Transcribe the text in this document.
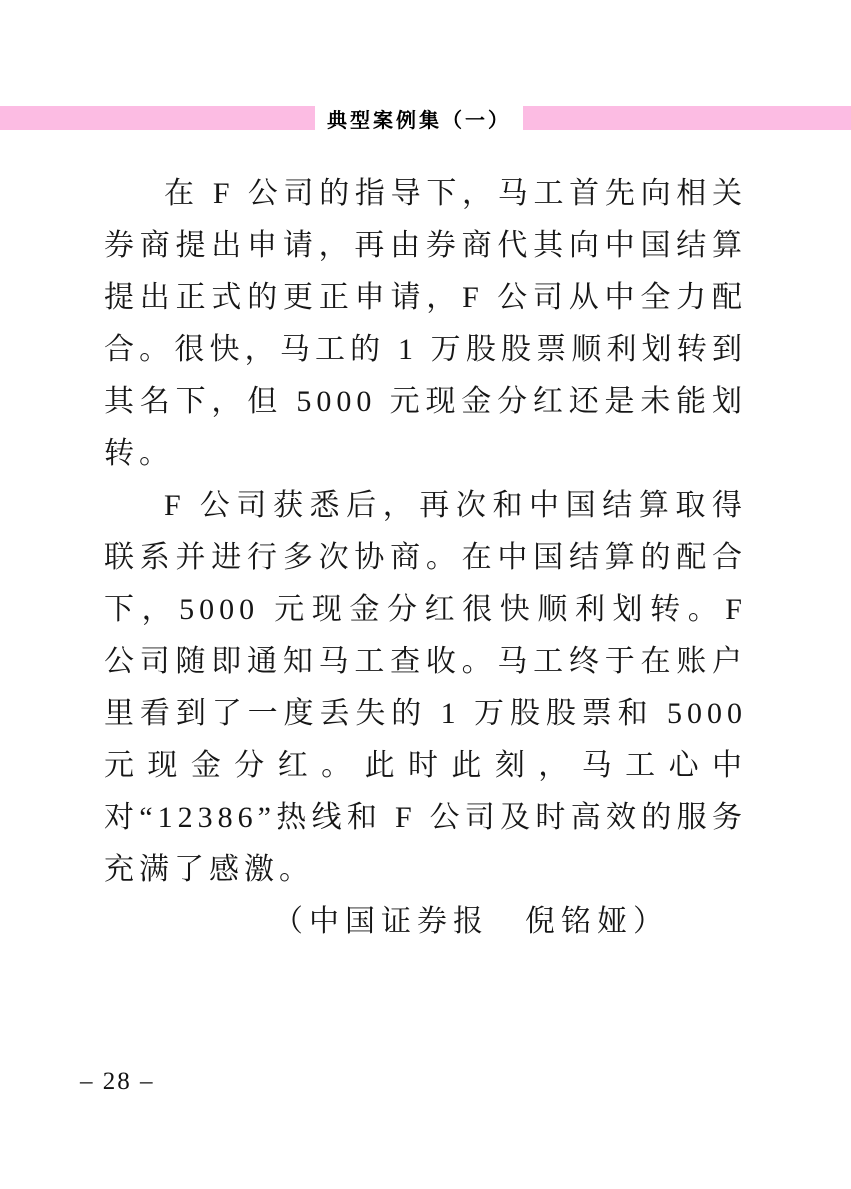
典型案例集（一）

在 F 公司的指导下，马工首先向相关券商提出申请，再由券商代其向中国结算提出正式的更正申请，F 公司从中全力配合。很快，马工的 1 万股股票顺利划转到其名下，但 5000 元现金分红还是未能划转。

F 公司获悉后，再次和中国结算取得联系并进行多次协商。在中国结算的配合下，5000 元现金分红很快顺利划转。F 公司随即通知马工查收。马工终于在账户里看到了一度丢失的 1 万股股票和 5000 元现金分红。此时此刻，马工心中对“12386”热线和 F 公司及时高效的服务充满了感激。

（中国证券报　倪铭娅）

– 28 –
